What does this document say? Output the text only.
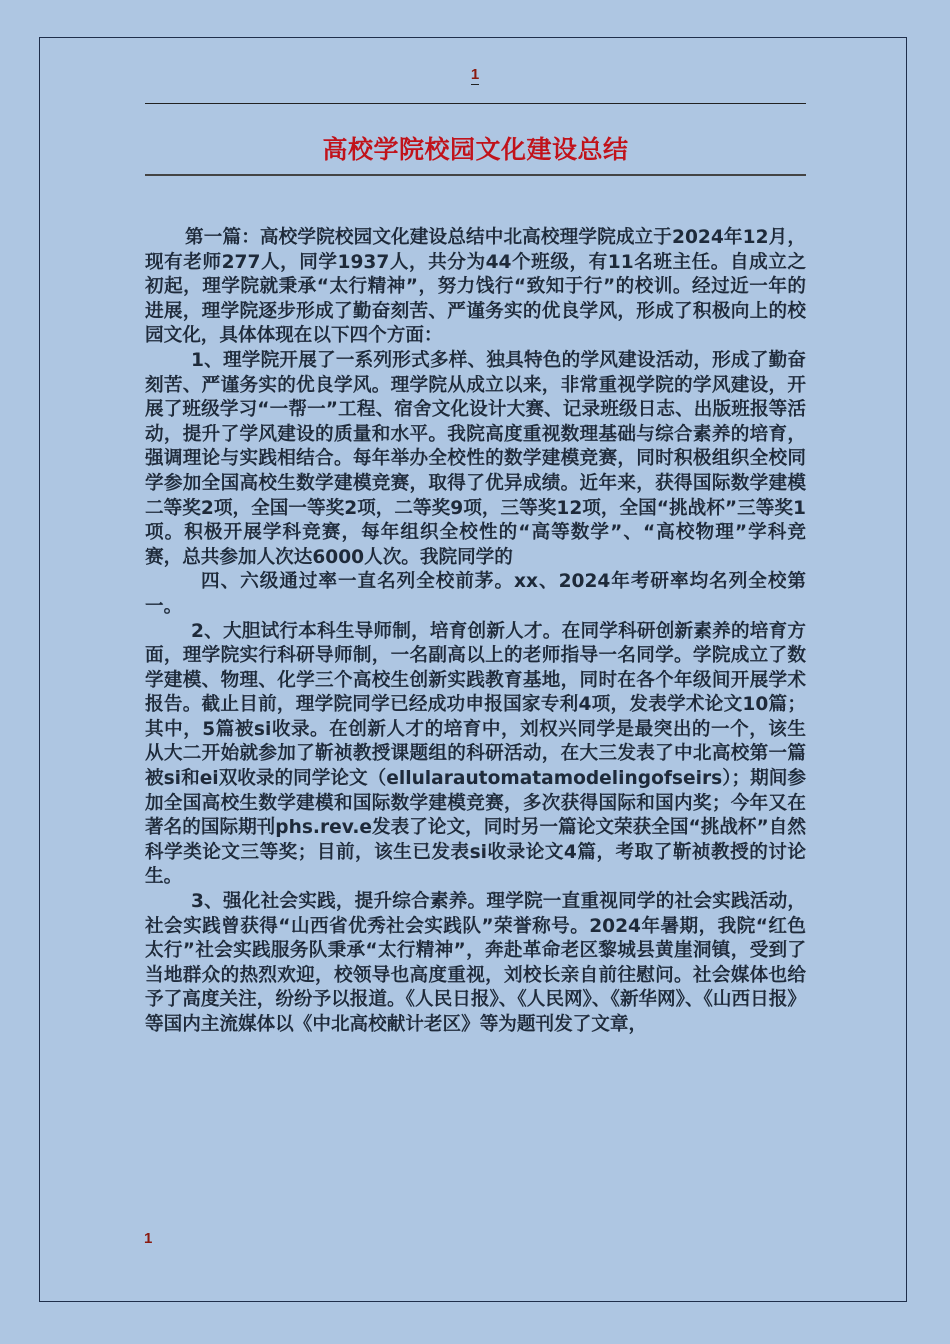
1
高校学院校园文化建设总结

第一篇：高校学院校园文化建设总结中北高校理学院成立于2024年12月，现有老师277人，同学1937人，共分为44个班级，有11名班主任。自成立之初起，理学院就秉承“太行精神”，努力饯行“致知于行”的校训。经过近一年的进展，理学院逐步形成了勤奋刻苦、严谨务实的优良学风，形成了积极向上的校园文化，具体体现在以下四个方面：

1、理学院开展了一系列形式多样、独具特色的学风建设活动，形成了勤奋刻苦、严谨务实的优良学风。理学院从成立以来，非常重视学院的学风建设，开展了班级学习“一帮一”工程、宿舍文化设计大赛、记录班级日志、出版班报等活动，提升了学风建设的质量和水平。我院高度重视数理基础与综合素养的培育，强调理论与实践相结合。每年举办全校性的数学建模竞赛，同时积极组织全校同学参加全国高校生数学建模竞赛，取得了优异成绩。近年来，获得国际数学建模二等奖2项，全国一等奖2项，二等奖9项，三等奖12项，全国“挑战杯”三等奖1项。积极开展学科竞赛，每年组织全校性的“高等数学”、“高校物理”学科竞赛，总共参加人次达6000人次。我院同学的

四、六级通过率一直名列全校前茅。xx、2024年考研率均名列全校第一。

2、大胆试行本科生导师制，培育创新人才。在同学科研创新素养的培育方面，理学院实行科研导师制，一名副高以上的老师指导一名同学。学院成立了数学建模、物理、化学三个高校生创新实践教育基地，同时在各个年级间开展学术报告。截止目前，理学院同学已经成功申报国家专利4项，发表学术论文10篇；其中，5篇被si收录。在创新人才的培育中，刘权兴同学是最突出的一个，该生从大二开始就参加了靳祯教授课题组的科研活动，在大三发表了中北高校第一篇被si和ei双收录的同学论文（ellularautomatamodelingofseirs）；期间参加全国高校生数学建模和国际数学建模竞赛，多次获得国际和国内奖；今年又在著名的国际期刊phs.rev.e发表了论文，同时另一篇论文荣获全国“挑战杯”自然科学类论文三等奖；目前，该生已发表si收录论文4篇，考取了靳祯教授的讨论生。

3、强化社会实践，提升综合素养。理学院一直重视同学的社会实践活动，社会实践曾获得“山西省优秀社会实践队”荣誉称号。2024年暑期，我院“红色太行”社会实践服务队秉承“太行精神”，奔赴革命老区黎城县黄崖洞镇，受到了当地群众的热烈欢迎，校领导也高度重视，刘校长亲自前往慰问。社会媒体也给予了高度关注，纷纷予以报道。《人民日报》、《人民网》、《新华网》、《山西日报》等国内主流媒体以《中北高校献计老区》等为题刊发了文章，

1
